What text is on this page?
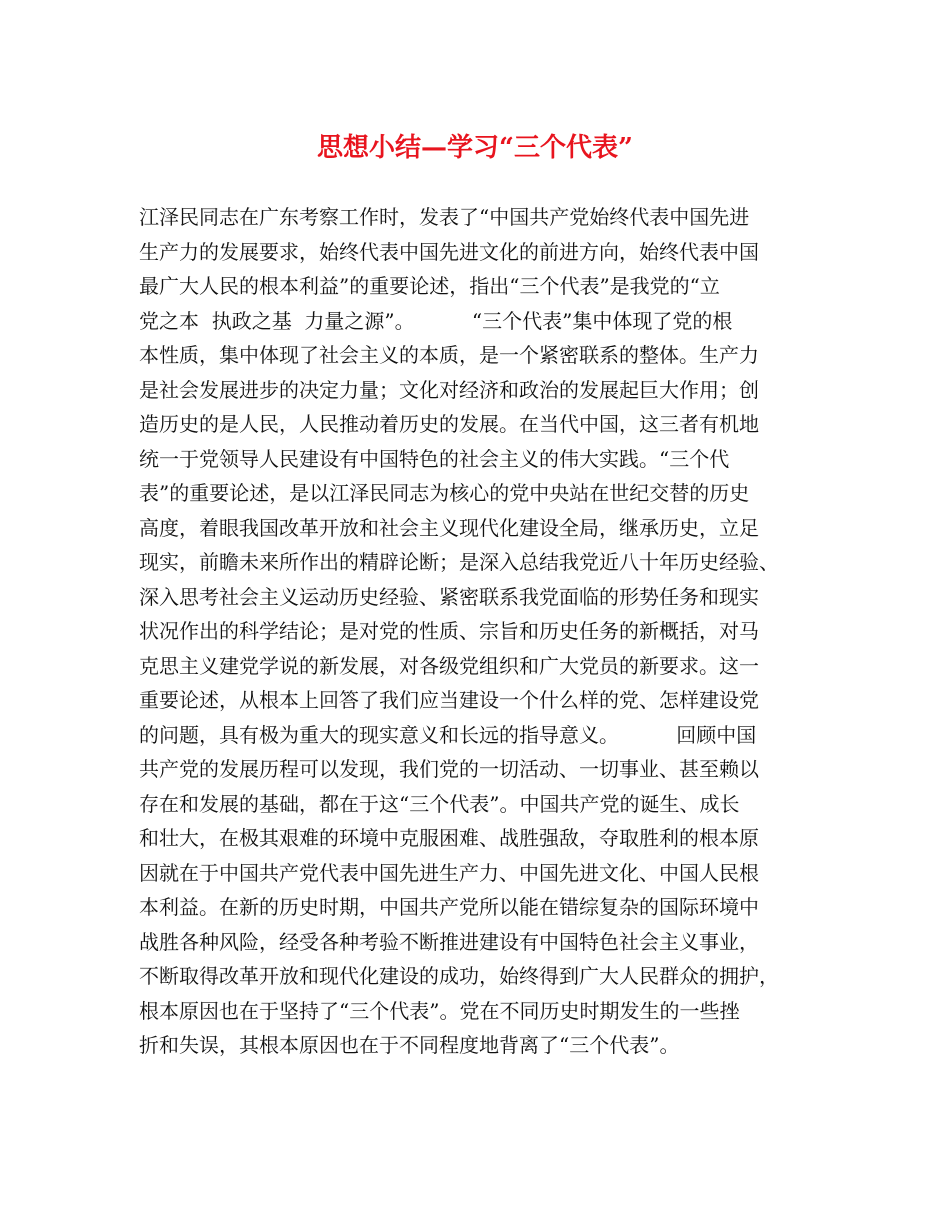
思想小结—学习“三个代表”
江泽民同志在广东考察工作时，发表了“中国共产党始终代表中国先进
生产力的发展要求，始终代表中国先进文化的前进方向，始终代表中国
最广大人民的根本利益”的重要论述，指出“三个代表”是我党的“立
党之本  执政之基  力量之源”。         “三个代表”集中体现了党的根
本性质，集中体现了社会主义的本质，是一个紧密联系的整体。生产力
是社会发展进步的决定力量；文化对经济和政治的发展起巨大作用；创
造历史的是人民，人民推动着历史的发展。在当代中国，这三者有机地
统一于党领导人民建设有中国特色的社会主义的伟大实践。“三个代
表”的重要论述，是以江泽民同志为核心的党中央站在世纪交替的历史
高度，着眼我国改革开放和社会主义现代化建设全局，继承历史，立足
现实，前瞻未来所作出的精辟论断；是深入总结我党近八十年历史经验、
深入思考社会主义运动历史经验、紧密联系我党面临的形势任务和现实
状况作出的科学结论；是对党的性质、宗旨和历史任务的新概括，对马
克思主义建党学说的新发展，对各级党组织和广大党员的新要求。这一
重要论述，从根本上回答了我们应当建设一个什么样的党、怎样建设党
的问题，具有极为重大的现实意义和长远的指导意义。         回顾中国
共产党的发展历程可以发现，我们党的一切活动、一切事业、甚至赖以
存在和发展的基础，都在于这“三个代表”。中国共产党的诞生、成长
和壮大，在极其艰难的环境中克服困难、战胜强敌，夺取胜利的根本原
因就在于中国共产党代表中国先进生产力、中国先进文化、中国人民根
本利益。在新的历史时期，中国共产党所以能在错综复杂的国际环境中
战胜各种风险，经受各种考验不断推进建设有中国特色社会主义事业，
不断取得改革开放和现代化建设的成功，始终得到广大人民群众的拥护，
根本原因也在于坚持了“三个代表”。党在不同历史时期发生的一些挫
折和失误，其根本原因也在于不同程度地背离了“三个代表”。
